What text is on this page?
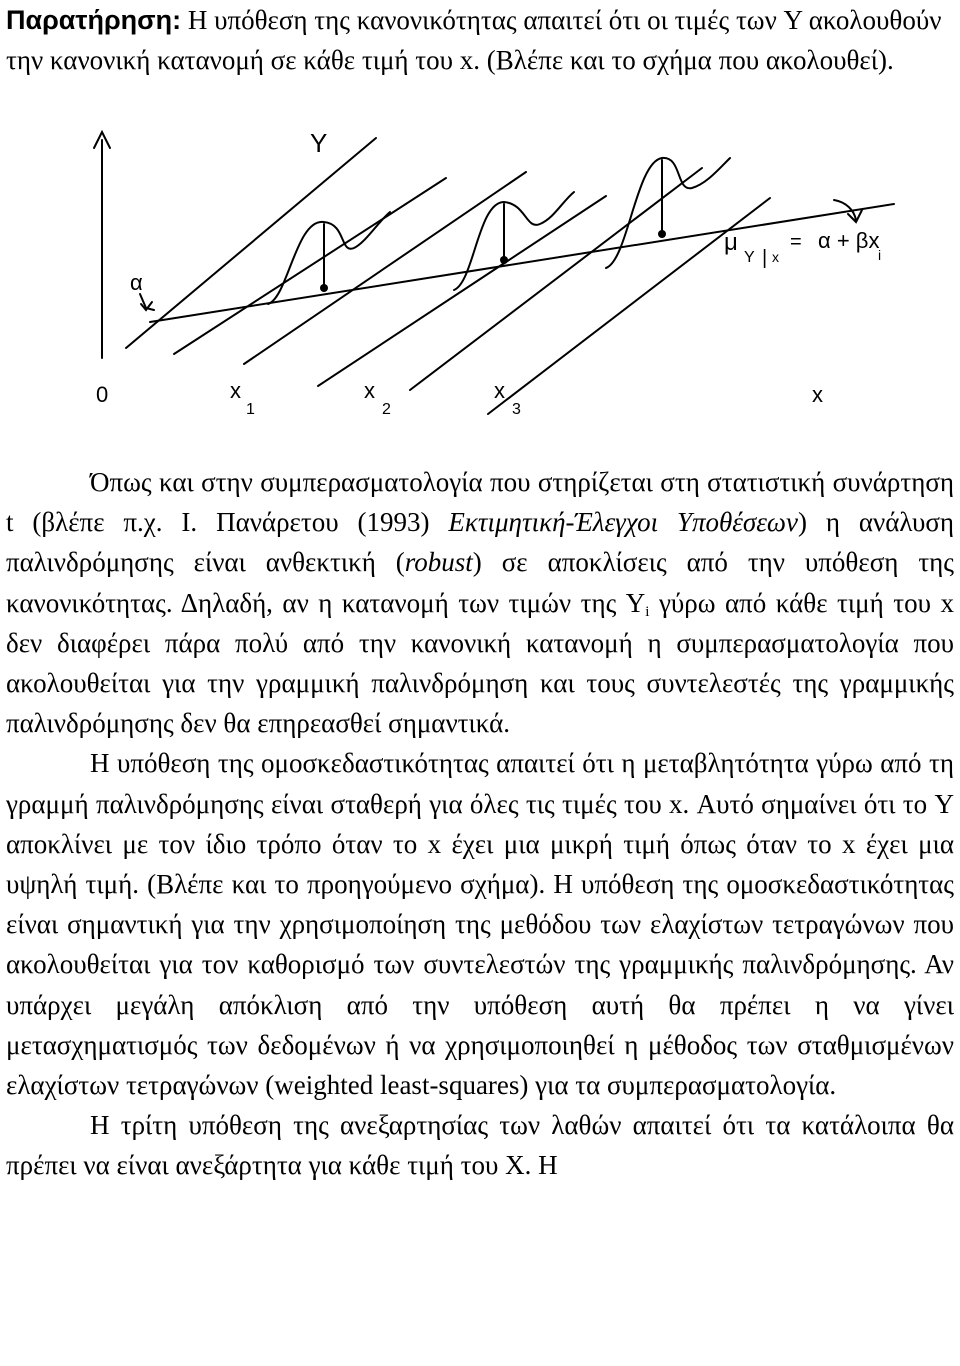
Παρατήρηση: Η υπόθεση της κανονικότητας απαιτεί ότι οι τιμές των Y ακολουθούν την κανονική κατανομή σε κάθε τιμή του x. (Βλέπε και το σχήμα που ακολουθεί).

Y
α
0	x
x
1
x
2
x
3
μ
Y | x
= α + βx
i

Όπως και στην συμπερασματολογία που στηρίζεται στη στατιστική συνάρτηση t (βλέπε π.χ. Ι. Πανάρετου (1993) Εκτιμητική-Έλεγχοι Υποθέσεων) η ανάλυση παλινδρόμησης είναι ανθεκτική (robust) σε αποκλίσεις από την υπόθεση της κανονικότητας. Δηλαδή, αν η κατανομή των τιμών της $Y_i$ γύρω από κάθε τιμή του x δεν διαφέρει πάρα πολύ από την κανονική κατανομή η συμπερασματολογία που ακολουθείται για την γραμμική παλινδρόμηση και τους συντελεστές της γραμμικής παλινδρόμησης δεν θα επηρεασθεί σημαντικά.

Η υπόθεση της ομοσκεδαστικότητας απαιτεί ότι η μεταβλητότητα γύρω από τη γραμμή παλινδρόμησης είναι σταθερή για όλες τις τιμές του x. Αυτό σημαίνει ότι το Y αποκλίνει με τον ίδιο τρόπο όταν το x έχει μια μικρή τιμή όπως όταν το x έχει μια υψηλή τιμή. (Βλέπε και το προηγούμενο σχήμα). Η υπόθεση της ομοσκεδαστικότητας είναι σημαντική για την χρησιμοποίηση της μεθόδου των ελαχίστων τετραγώνων που ακολουθείται για τον καθορισμό των συντελεστών της γραμμικής παλινδρόμησης. Αν υπάρχει μεγάλη απόκλιση από την υπόθεση αυτή θα πρέπει η να γίνει μετασχηματισμός των δεδομένων ή να χρησιμοποιηθεί η μέθοδος των σταθμισμένων ελαχίστων τετραγώνων (weighted least-squares) για τα συμπερασματολογία.

Η τρίτη υπόθεση της ανεξαρτησίας των λαθών απαιτεί ότι τα κατάλοιπα θα πρέπει να είναι ανεξάρτητα για κάθε τιμή του X. Η
